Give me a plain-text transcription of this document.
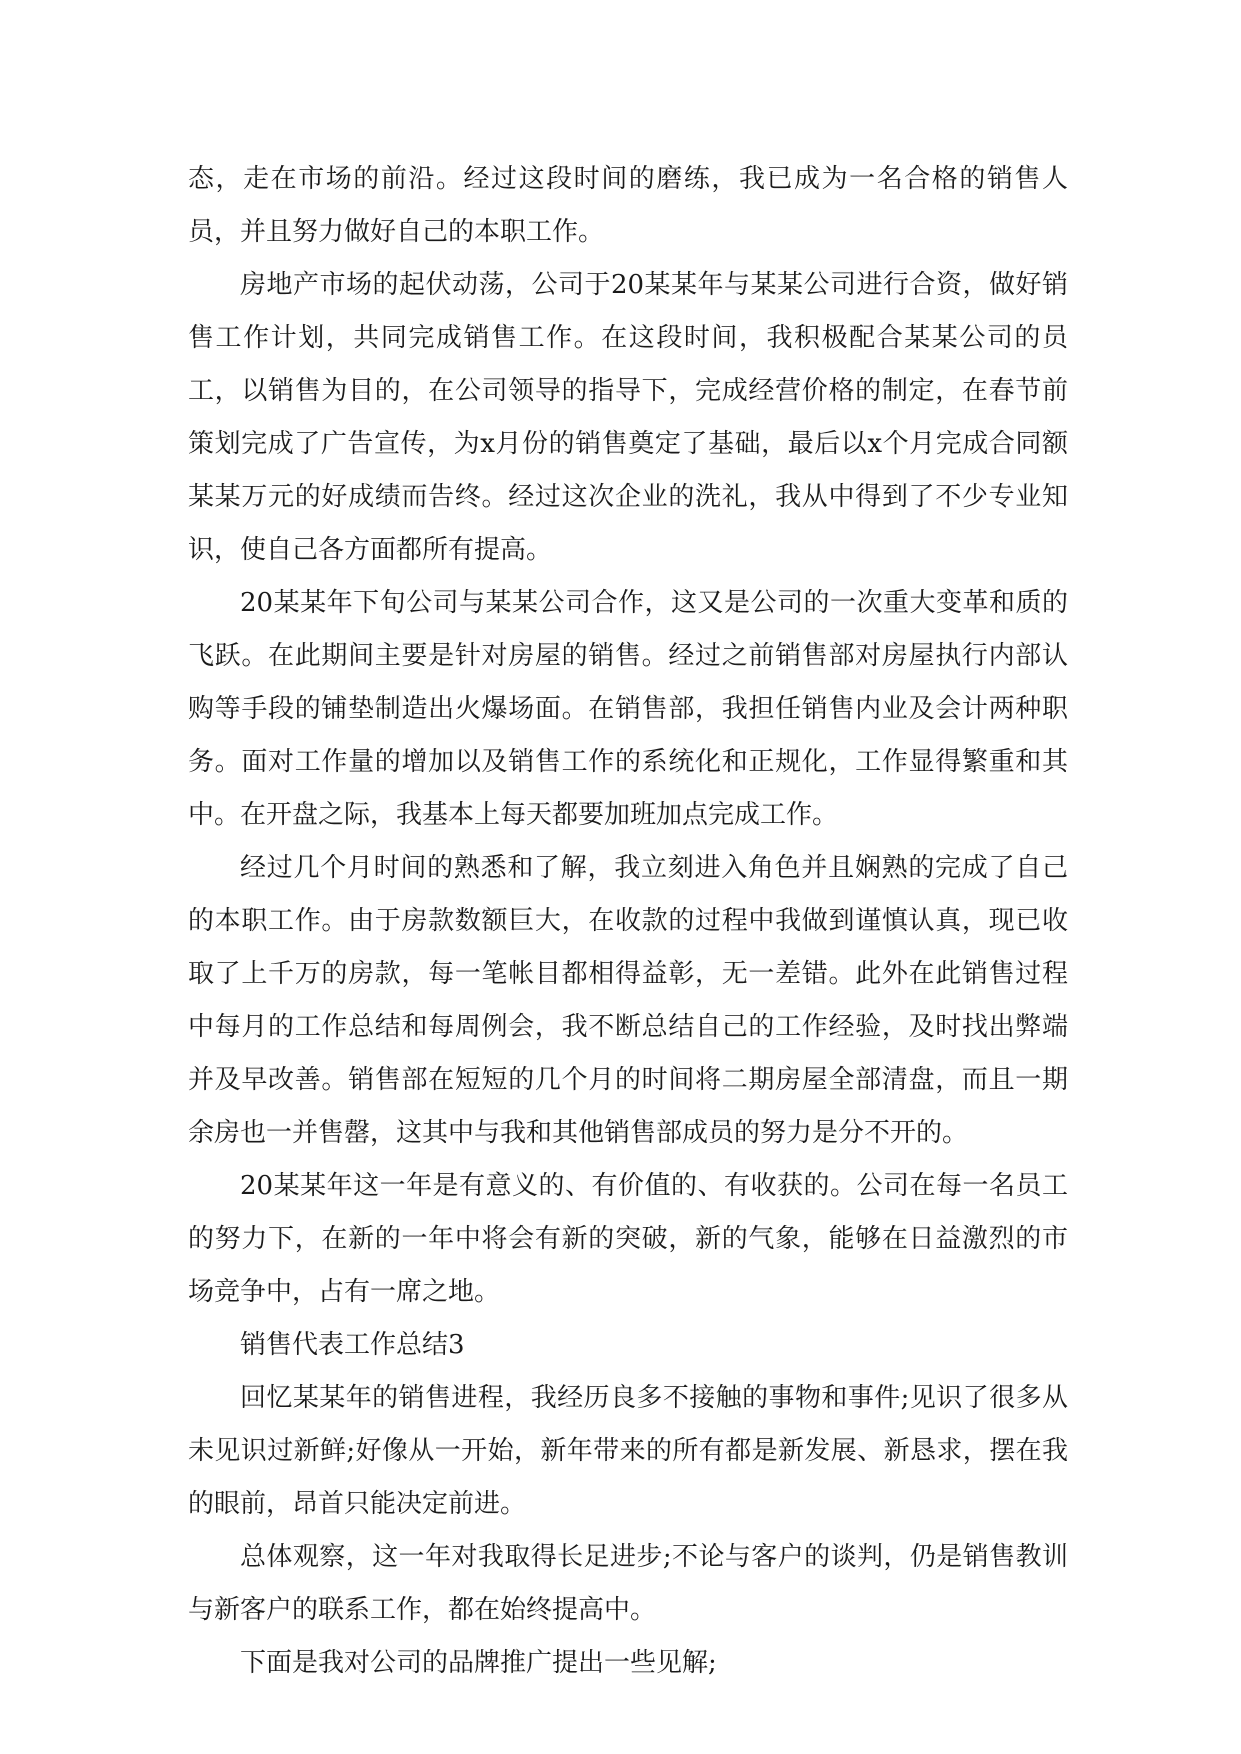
态，走在市场的前沿。经过这段时间的磨练，我已成为一名合格的销售人员，并且努力做好自己的本职工作。

房地产市场的起伏动荡，公司于20某某年与某某公司进行合资，做好销售工作计划，共同完成销售工作。在这段时间，我积极配合某某公司的员工，以销售为目的，在公司领导的指导下，完成经营价格的制定，在春节前策划完成了广告宣传，为x月份的销售奠定了基础，最后以x个月完成合同额某某万元的好成绩而告终。经过这次企业的洗礼，我从中得到了不少专业知识，使自己各方面都所有提高。

20某某年下旬公司与某某公司合作，这又是公司的一次重大变革和质的飞跃。在此期间主要是针对房屋的销售。经过之前销售部对房屋执行内部认购等手段的铺垫制造出火爆场面。在销售部，我担任销售内业及会计两种职务。面对工作量的增加以及销售工作的系统化和正规化，工作显得繁重和其中。在开盘之际，我基本上每天都要加班加点完成工作。

经过几个月时间的熟悉和了解，我立刻进入角色并且娴熟的完成了自己的本职工作。由于房款数额巨大，在收款的过程中我做到谨慎认真，现已收取了上千万的房款，每一笔帐目都相得益彰，无一差错。此外在此销售过程中每月的工作总结和每周例会，我不断总结自己的工作经验，及时找出弊端并及早改善。销售部在短短的几个月的时间将二期房屋全部清盘，而且一期余房也一并售罄，这其中与我和其他销售部成员的努力是分不开的。

20某某年这一年是有意义的、有价值的、有收获的。公司在每一名员工的努力下，在新的一年中将会有新的突破，新的气象，能够在日益激烈的市场竞争中，占有一席之地。

销售代表工作总结3

回忆某某年的销售进程，我经历良多不接触的事物和事件;见识了很多从未见识过新鲜;好像从一开始，新年带来的所有都是新发展、新恳求，摆在我的眼前，昂首只能决定前进。

总体观察，这一年对我取得长足进步;不论与客户的谈判，仍是销售教训与新客户的联系工作，都在始终提高中。

下面是我对公司的品牌推广提出一些见解;
